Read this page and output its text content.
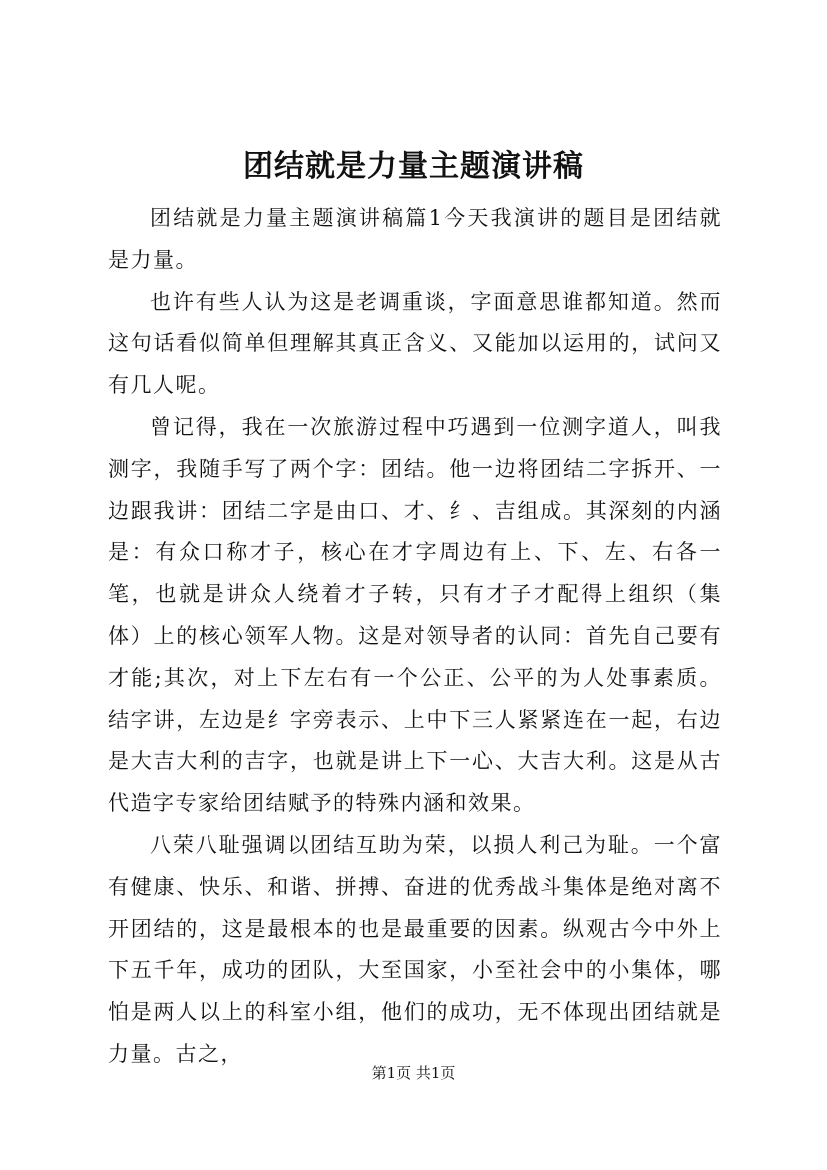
团结就是力量主题演讲稿

团结就是力量主题演讲稿篇1今天我演讲的题目是团结就是力量。

也许有些人认为这是老调重谈，字面意思谁都知道。然而这句话看似简单但理解其真正含义、又能加以运用的，试问又有几人呢。

曾记得，我在一次旅游过程中巧遇到一位测字道人，叫我测字，我随手写了两个字：团结。他一边将团结二字拆开、一边跟我讲：团结二字是由口、才、纟、吉组成。其深刻的内涵是：有众口称才子，核心在才字周边有上、下、左、右各一笔，也就是讲众人绕着才子转，只有才子才配得上组织（集体）上的核心领军人物。这是对领导者的认同：首先自己要有才能;其次，对上下左右有一个公正、公平的为人处事素质。结字讲，左边是纟字旁表示、上中下三人紧紧连在一起，右边是大吉大利的吉字，也就是讲上下一心、大吉大利。这是从古代造字专家给团结赋予的特殊内涵和效果。

八荣八耻强调以团结互助为荣，以损人利己为耻。一个富有健康、快乐、和谐、拼搏、奋进的优秀战斗集体是绝对离不开团结的，这是最根本的也是最重要的因素。纵观古今中外上下五千年，成功的团队，大至国家，小至社会中的小集体，哪怕是两人以上的科室小组，他们的成功，无不体现出团结就是力量。古之，

第1页 共1页
